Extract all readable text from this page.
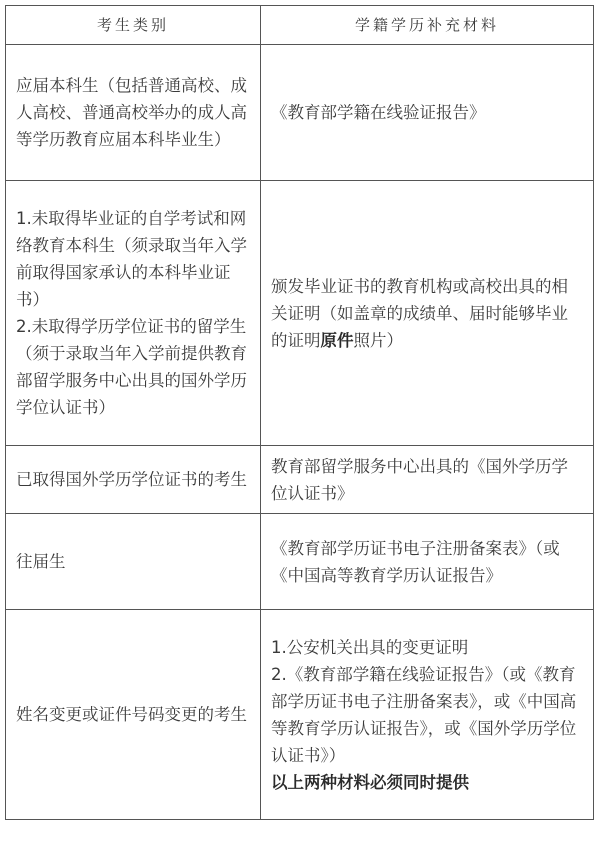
考生类别	学籍学历补充材料
应届本科生（包括普通高校、成人高校、普通高校举办的成人高等学历教育应届本科毕业生）	《教育部学籍在线验证报告》

1.未取得毕业证的自学考试和网络教育本科生（须录取当年入学前取得国家承认的本科毕业证书）
2.未取得学历学位证书的留学生（须于录取当年入学前提供教育部留学服务中心出具的国外学历学位认证书）	颁发毕业证书的教育机构或高校出具的相关证明（如盖章的成绩单、届时能够毕业的证明原件照片）
已取得国外学历学位证书的考生	教育部留学服务中心出具的《国外学历学位认证书》
往届生	《教育部学历证书电子注册备案表》（或《中国高等教育学历认证报告》
姓名变更或证件号码变更的考生	1.公安机关出具的变更证明
2.《教育部学籍在线验证报告》（或《教育部学历证书电子注册备案表》，或《中国高等教育学历认证报告》，或《国外学历学位认证书》）
以上两种材料必须同时提供
